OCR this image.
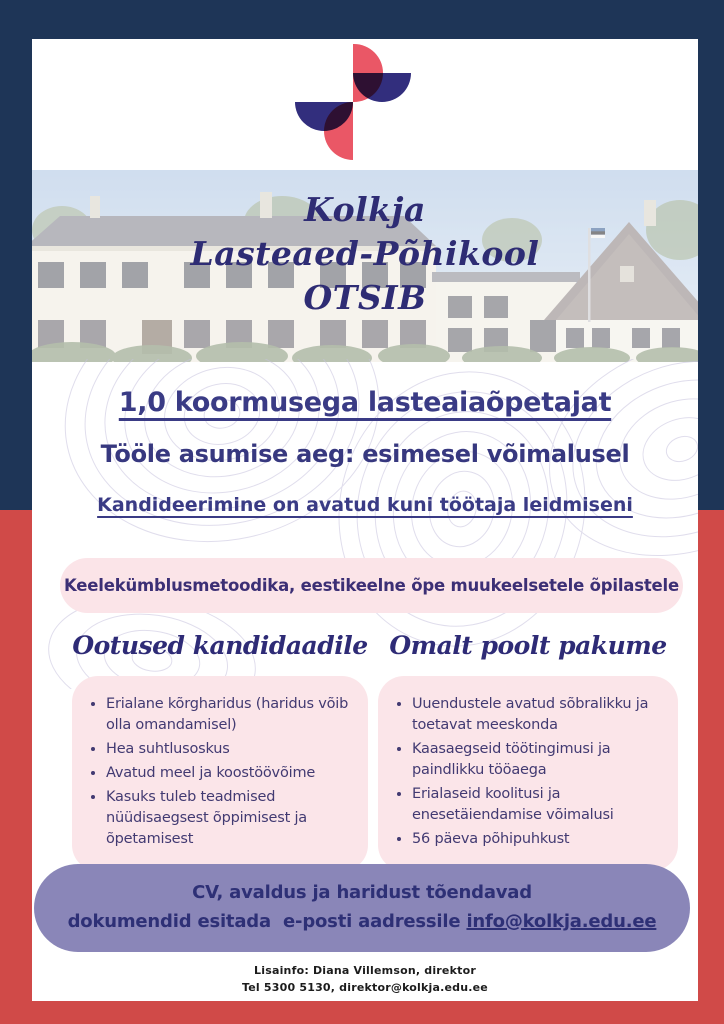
Kolkja
Lasteaed-Põhikool
OTSIB

1,0 koormusega lasteaiaõpetajat

Tööle asumise aeg: esimesel võimalusel

Kandideerimine on avatud kuni töötaja leidmiseni

Keelekümblusmetoodika, eestikeelne õpe muukeelsetele õpilastele
Ootused kandidaadile
• Erialane kõrgharidus (haridus võib olla omandamisel)
• Hea suhtlusoskus
• Avatud meel ja koostöövõime
• Kasuks tuleb teadmised nüüdisaegsest õppimisest ja õpetamisest
Omalt poolt pakume
• Uuendustele avatud sõbralikku ja toetavat meeskonda
• Kaasaegseid töötingimusi ja paindlikku tööaega
• Erialaseid koolitusi ja enesetäiendamise võimalusi
• 56 päeva põhipuhkust
CV, avaldus ja haridust tõendavad
dokumendid esitada  e-posti aadressile info@kolkja.edu.ee
Lisainfo: Diana Villemson, direktor
Tel 5300 5130, direktor@kolkja.edu.ee
